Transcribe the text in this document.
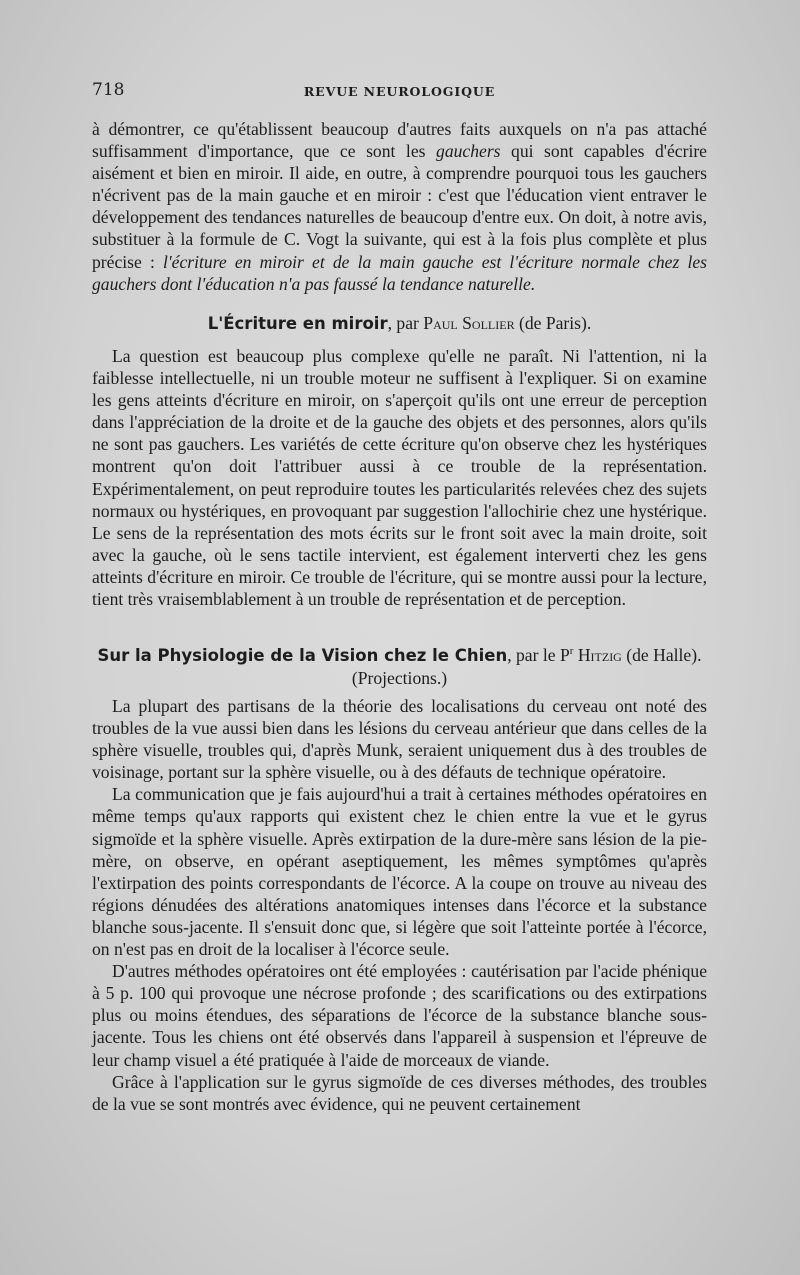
718	REVUE NEUROLOGIQUE

à démontrer, ce qu'établissent beaucoup d'autres faits auxquels on n'a pas attaché suffisamment d'importance, que ce sont les gauchers qui sont capables d'écrire aisément et bien en miroir. Il aide, en outre, à comprendre pourquoi tous les gauchers n'écrivent pas de la main gauche et en miroir : c'est que l'éducation vient entraver le développement des tendances naturelles de beaucoup d'entre eux. On doit, à notre avis, substituer à la formule de C. Vogt la suivante, qui est à la fois plus complète et plus précise : l'écriture en miroir et de la main gauche est l'écriture normale chez les gauchers dont l'éducation n'a pas faussé la tendance naturelle.

L'Écriture en miroir, par Paul Sollier (de Paris).

La question est beaucoup plus complexe qu'elle ne paraît. Ni l'attention, ni la faiblesse intellectuelle, ni un trouble moteur ne suffisent à l'expliquer. Si on examine les gens atteints d'écriture en miroir, on s'aperçoit qu'ils ont une erreur de perception dans l'appréciation de la droite et de la gauche des objets et des personnes, alors qu'ils ne sont pas gauchers. Les variétés de cette écriture qu'on observe chez les hystériques montrent qu'on doit l'attribuer aussi à ce trouble de la représentation. Expérimentalement, on peut reproduire toutes les particularités relevées chez des sujets normaux ou hystériques, en provoquant par suggestion l'allochirie chez une hystérique. Le sens de la représentation des mots écrits sur le front soit avec la main droite, soit avec la gauche, où le sens tactile intervient, est également interverti chez les gens atteints d'écriture en miroir. Ce trouble de l'écriture, qui se montre aussi pour la lecture, tient très vraisemblablement à un trouble de représentation et de perception.

Sur la Physiologie de la Vision chez le Chien, par le $P^r$ Hitzig (de Halle).
(Projections.)

La plupart des partisans de la théorie des localisations du cerveau ont noté des troubles de la vue aussi bien dans les lésions du cerveau antérieur que dans celles de la sphère visuelle, troubles qui, d'après Munk, seraient uniquement dus à des troubles de voisinage, portant sur la sphère visuelle, ou à des défauts de technique opératoire.

La communication que je fais aujourd'hui a trait à certaines méthodes opératoires en même temps qu'aux rapports qui existent chez le chien entre la vue et le gyrus sigmoïde et la sphère visuelle. Après extirpation de la dure-mère sans lésion de la pie-mère, on observe, en opérant aseptiquement, les mêmes symptômes qu'après l'extirpation des points correspondants de l'écorce. A la coupe on trouve au niveau des régions dénudées des altérations anatomiques intenses dans l'écorce et la substance blanche sous-jacente. Il s'ensuit donc que, si légère que soit l'atteinte portée à l'écorce, on n'est pas en droit de la localiser à l'écorce seule.

D'autres méthodes opératoires ont été employées : cautérisation par l'acide phénique à 5 p. 100 qui provoque une nécrose profonde ; des scarifications ou des extirpations plus ou moins étendues, des séparations de l'écorce de la substance blanche sous-jacente. Tous les chiens ont été observés dans l'appareil à suspension et l'épreuve de leur champ visuel a été pratiquée à l'aide de morceaux de viande.

Grâce à l'application sur le gyrus sigmoïde de ces diverses méthodes, des troubles de la vue se sont montrés avec évidence, qui ne peuvent certainement
